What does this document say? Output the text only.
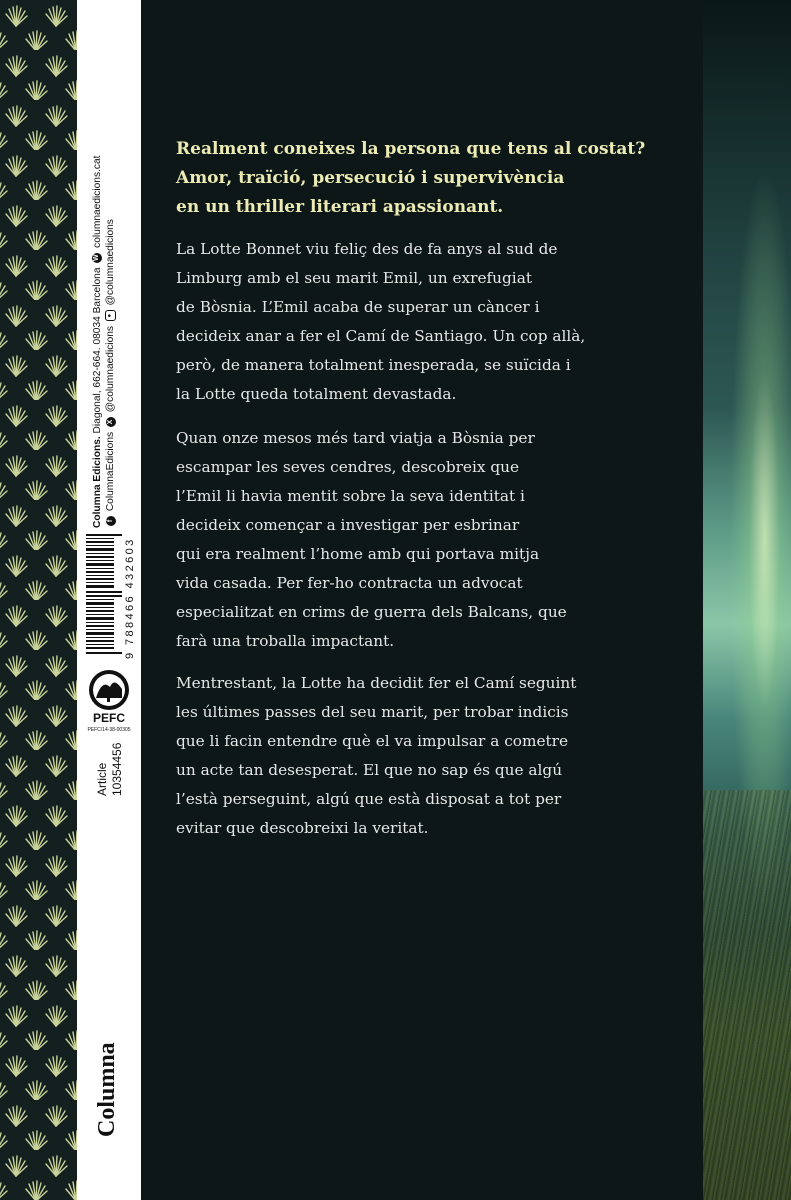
Columna Edicions. Diagonal, 662-664. 08034 Barcelona W columnaedicions.cat
f ColumnaEdicions X @columnaedicions ● @columnaedicions
9 788466 432603
PEFC
PEFC/14-38-00305
Article 10354456
Columna
Realment coneixes la persona que tens al costat?
Amor, traïció, persecució i supervivència
en un thriller literari apassionant.
La Lotte Bonnet viu feliç des de fa anys al sud de
Limburg amb el seu marit Emil, un exrefugiat
de Bòsnia. L’Emil acaba de superar un càncer i
decideix anar a fer el Camí de Santiago. Un cop allà,
però, de manera totalment inesperada, se suïcida i
la Lotte queda totalment devastada.
Quan onze mesos més tard viatja a Bòsnia per
escampar les seves cendres, descobreix que
l’Emil li havia mentit sobre la seva identitat i
decideix començar a investigar per esbrinar
qui era realment l’home amb qui portava mitja
vida casada. Per fer-ho contracta un advocat
especialitzat en crims de guerra dels Balcans, que
farà una troballa impactant.
Mentrestant, la Lotte ha decidit fer el Camí seguint
les últimes passes del seu marit, per trobar indicis
que li facin entendre què el va impulsar a cometre
un acte tan desesperat. El que no sap és que algú
l’està perseguint, algú que està disposat a tot per
evitar que descobreixi la veritat.
